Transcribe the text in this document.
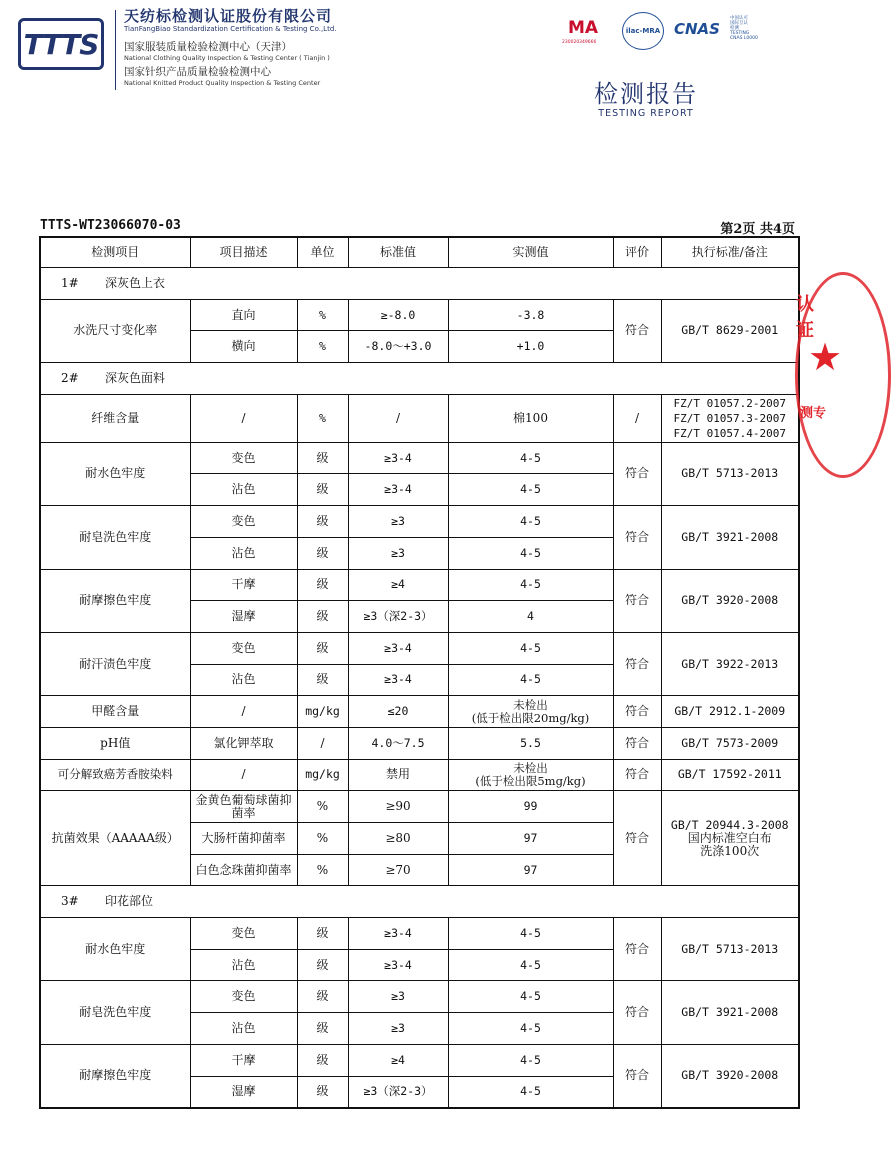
TTTS
天纺标检测认证股份有限公司
TianFangBiao Standardization Certification & Testing Co.,Ltd.
国家服装质量检验检测中心（天津）
National Clothing Quality Inspection & Testing Center ( Tianjin )
国家针织产品质量检验检测中心
National Knitted Product Quality Inspection & Testing Center
MA
230020349666
ilac-MRA CNAS
中国认可
国际互认
检测
TESTING
CNAS L0000
检测报告
TESTING REPORT
TTTS-WT23066070-03	第2页 共4页
检测项目	项目描述	单位	标准值	实测值	评价	执行标准/备注
1# 深灰色上衣						
水洗尺寸变化率	直向	%	≥-8.0	-3.8	符合	GB/T 8629-2001
	横向	%	-8.0～+3.0	+1.0		
2# 深灰色面料						
纤维含量	/	%	/	棉100	/	FZ/T 01057.2-2007
FZ/T 01057.3-2007
FZ/T 01057.4-2007

耐水色牢度	变色	级	≥3-4	4-5	符合	GB/T 5713-2013
	沾色	级	≥3-4	4-5		
耐皂洗色牢度	变色	级	≥3	4-5	符合	GB/T 3921-2008
	沾色	级	≥3	4-5		
耐摩擦色牢度	干摩	级	≥4	4-5	符合	GB/T 3920-2008
	湿摩	级	≥3（深2-3）	4		
耐汗渍色牢度	变色	级	≥3-4	4-5	符合	GB/T 3922-2013
	沾色	级	≥3-4	4-5		
甲醛含量	/	mg/kg	≤20	未检出
(低于检出限20mg/kg)	符合	GB/T 2912.1-2009
pH值	氯化钾萃取	/	4.0～7.5	5.5	符合	GB/T 7573-2009
可分解致癌芳香胺染料	/	mg/kg	禁用	未检出
(低于检出限5mg/kg)	符合	GB/T 17592-2011
抗菌效果（AAAAA级）	金黄色葡萄球菌抑菌率	%	≥90	99	符合	GB/T 20944.3-2008
国内标准空白布
洗涤100次

	大肠杆菌抑菌率	%	≥80	97		
	白色念珠菌抑菌率	%	≥70	97		
3# 印花部位						
耐水色牢度	变色	级	≥3-4	4-5	符合	GB/T 5713-2013
	沾色	级	≥3-4	4-5		
耐皂洗色牢度	变色	级	≥3	4-5	符合	GB/T 3921-2008
	沾色	级	≥3	4-5		
耐摩擦色牢度	干摩	级	≥4	4-5	符合	GB/T 3920-2008
	湿摩	级	≥3（深2-3）	4-5		
认证
★
测专
